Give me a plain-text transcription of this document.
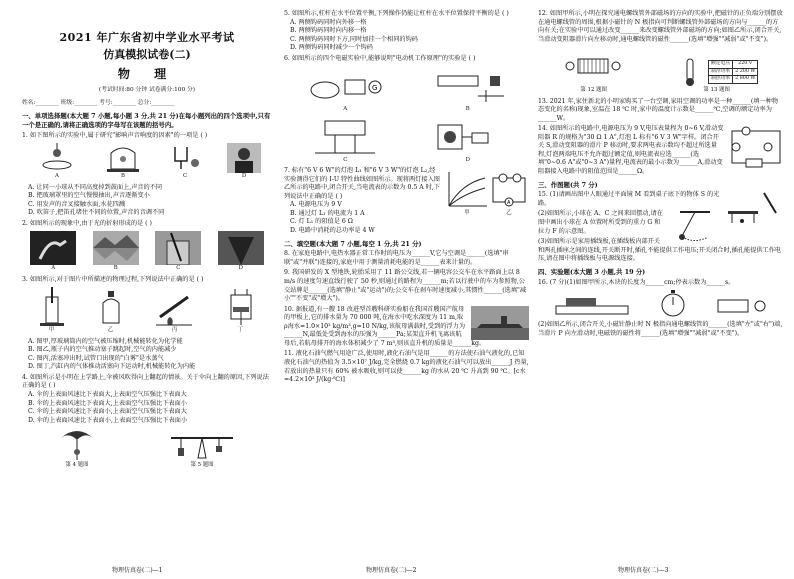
2021 年广东省初中学业水平考试
仿真模拟试卷(二)
物 理
(考试时间:80 分钟 试卷满分:100 分)
姓名:________ 班级:________ 考号:________ 总分:________
一、单项选择题(本大题 7 小题,每小题 3 分,共 21 分)在每小题列出的四个选项中,只有一个是正确的,请将正确选项的字母写在该题的括号内。
1. 如下图所示的实验中,属于研究"影响声音响度的因素"的一项是 ( )
A	B	C	D
A. 让同一小球从不同高度掉到鼓面上,声音的不同
B. 把玻璃罩里的空气慢慢抽出,声音逐渐变小
C. 用发声的音叉接触水面,水花四溅
D. 吹笛子,把笛孔堵住不同的位置,声音的音调不同
2. 如图所示的现象中,由于光的折射形成的是 ( )
A	B	C	D
3. 如图所示,对于图片中所描述的物理过程,下列说法中正确的是 ( )
甲	乙	丙	丁
A. 图甲,厚玻璃筒内的空气被压缩时,机械能转化为化学能
B. 图乙,瓶子内的空气推动塞子跳起时,空气的内能减少
C. 图丙,活塞冲出时,试管口出现的"白雾"是水蒸气
D. 图丁,汽缸内的气体推动活塞向下运动时,机械能转化为内能
4. 如图所示是小明在上学路上,伞被风吹得向上翻起的情景。关于伞向上翻的原因,下列说法正确的是 ( )
A. 伞的上表面风速比下表面大,上表面空气压强比下表面大
B. 伞的上表面风速比下表面大,上表面空气压强比下表面小
C. 伞的上表面风速比下表面小,上表面空气压强比下表面大
D. 伞的上表面风速比下表面小,上表面空气压强比下表面小
第 4 题图	第 5 题图
5. 如图所示,杠杆在水平位置平衡,下列操作仍能让杠杆在水平位置保持平衡的是 ( )
A. 两侧钩码同时向外移一格
B. 两侧钩码同时向内移一格
C. 两侧钩码同时下方,同时加挂一个相同的钩码
D. 两侧钩码同时减少一个钩码
6. 如图所示的四个电磁实验中,能够说明"电动机工作原理"的实验是 ( )
G
A	B
C	D
甲
A
乙
7. 标有"6 V 6 W"的灯泡 L₁ 和"6 V 3 W"的灯泡 L₂,经实验测得它们的 I-U 特性曲线如图所示。现将两灯接入图乙所示的电路中,闭合开关,当电流表的示数为 0.5 A 时,下列说法中正确的是 ( )
A. 电源电压为 9 V
B. 通过灯 L₁ 的电流为 1 A
C. 灯 L₁ 的阻值是 6 Ω
D. 电路中消耗的总功率是 4 W
二、填空题(本大题 7 小题,每空 1 分,共 21 分)
8. 在家庭电路中,电热水器正常工作时的电压为______V,它与空调是______(选填"串联"或"并联")连接的,家庭中用于测量消耗电能的是______表来计量的。
9. 我国研发的 X 型地铁,轮胎采用了 11 路公交线,若一辆电容公交车在水平路面上以 8 m/s 的速度匀速直线行驶了 50 秒,则通过的路程为______m;若以行驶中的车为参照物,公交站牌是______(选填"静止"或"运动")的;公交车在刹车时速度减小,其惯性______(选填"减小""不变"或"增大")。
10. 据报道,有一艘 18 改进型首艘科研实验船在我国首艘国产航母的甲板上,它的排水量为 70 000 吨,在海水中吃水深度为 11 m,取 ρ海水=1.0×10³ kg/m³,g=10 N/kg,该航母满载时,受到的浮力为______N,最低处受到海水的压强为______Pa;某架直升机飞离该航母后,若航母排开的海水体积减少了 7 m³,则该直升机的质量是______kg。
11. 液化石油气燃气用途广泛,使用时,液化石油气是用______的方法使石油气液化的,已知液化石油气的热值为 3.5×10⁷ J/kg,完全燃烧 0.7 kg的液化石油气可以放出______J 热量,若放出的热量只有 60% 被水吸收,则可以使______kg 的水从 20 ℃ 升高到 90 ℃。[c水=4.2×10³ J/(kg·℃)]
12. 如图甲所示,小明在探究通电螺线管外部磁场的方向的实验中,把磁针的正负端分别摆放在通电螺线管的周围,根据小磁针的 N 极指向可判断螺线管外部磁场的方向与______的方向有关;在实验中可以通过改变______来改变螺线管外部磁场的方向;如图乙所示,闭合开关,当滑动变阻器滑片向左移动时,通电螺线管的磁性______(选填"增强""减弱"或"不变")。
第 12 题图
额定电压	220 V
制冷功率	2 200 W
制热功率	2 800 W
第 13 题图
13. 2021 年,家住新北的小明家购买了一台空调,家用空调的功率是一种______(填一种物态变化的名称)现象,室温在 18 ℃ 时,家中的温度计示数是______℃,空调的额定功率为______W。
14. 如图所示的电路中,电源电压为 9 V,电压表量程为 0~6 V,滑动变阻器 R 的规格为"30 Ω 1 A",灯泡 L 标有"6 V 3 W"字样。闭合开关 S,滑动变阻器的滑片 P 移动时,要求两电表示数均不超过所选量程,灯泡两端电压不允许超过额定值,则电流表应选______(选填"0~0.6 A"或"0~3 A")量程,电流表的最小示数为______A,滑动变阻器接入电路中的阻值范围是______Ω。
三、作图题(共 7 分)
15. (1)请画出图中人眼通过平面镜 M 看到桌子底下的物体 S 的光路。
(2)如图所示,小球在 A、C 之间来回摆动,请在图中画出小球在 A 位置时所受到的重力 G 和拉力 F 的示意图。
(3)如图所示是家用插线板,在插线板内部开关和两孔插座之间的连线,开关断开时,插孔不能提供工作电压;开关闭合时,插孔能提供工作电压,请在图中将插线板与电源线连接。
四、实验题(本大题 3 小题,共 19 分)
16. (7 分)(1)如图甲所示,木块的长度为______cm;停表示数为______s。
(2)如图乙所示,闭合开关,小磁针静止时 N 极指向通电螺线管的______(选填"左"或"右")端,当滑片 P 向左滑动时,电磁铁的磁性将______(选填"增强""减弱"或"不变")。
物理仿真卷(二)—1	物理仿真卷(二)—2	物理仿真卷(二)—3
